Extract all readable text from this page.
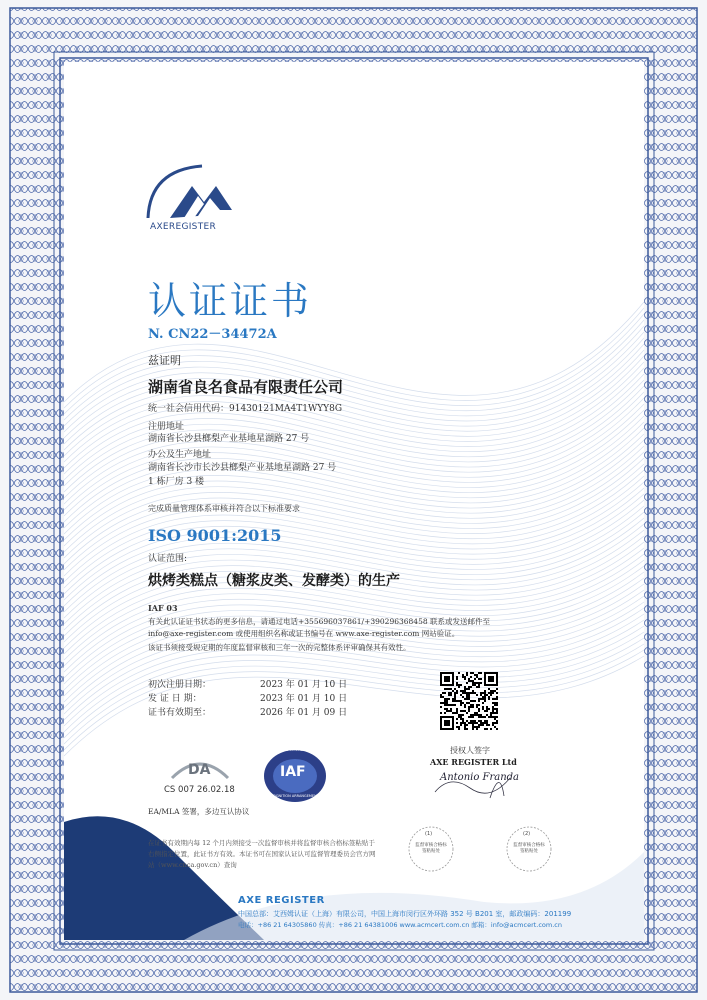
AXEREGISTER
认证证书
N. CN22－34472A
兹证明
湖南省良名食品有限责任公司
统一社会信用代码：91430121MA4T1WYY8G
注册地址
湖南省长沙县榔梨产业基地星湖路 27 号
办公及生产地址
湖南省长沙市长沙县榔梨产业基地星湖路 27 号
1 栋厂房 3 楼
完成质量管理体系审核并符合以下标准要求
ISO 9001:2015
认证范围:
烘烤类糕点（糖浆皮类、发酵类）的生产
IAF 03
有关此认证证书状态的更多信息，请通过电话+355696037861/+390296368458 联系或发送邮件至
info@axe-register.com 或使用组织名称或证书编号在 www.axe-register.com 网站验证。
该证书须接受规定期的年度监督审核和三年一次的完整体系评审确保其有效性。
初次注册日期：	2023 年 01 月 10 日
发 证 日 期：	2023 年 01 月 10 日
证书有效期至：	2026 年 01 月 09 日
授权人签字
AXE REGISTER Ltd
Antonio Franda
DA
CS 007 26.02.18
IAF
MEMBER OF MULTILATERAL
RECOGNITION ARRANGEMENT
EA/MLA 签署，多边互认协议
在证书有效期内每 12 个月内须接受一次监督审核并将监督审核合格标签粘贴于右侧指定位置，此证书方有效。本证书可在国家认证认可监督管理委员会官方网站（www.cnca.gov.cn）查询
(1)
监督审核合格标签粘贴处
(2)
监督审核合格标签粘贴处
AXE REGISTER
中国总部：艾西姆认证（上海）有限公司，中国上海市闵行区外环路 352 号 B201 室，邮政编码：201199
电话：+86 21 64305860 传真：+86 21 64381006 www.acmcert.com.cn 邮箱：info@acmcert.com.cn
